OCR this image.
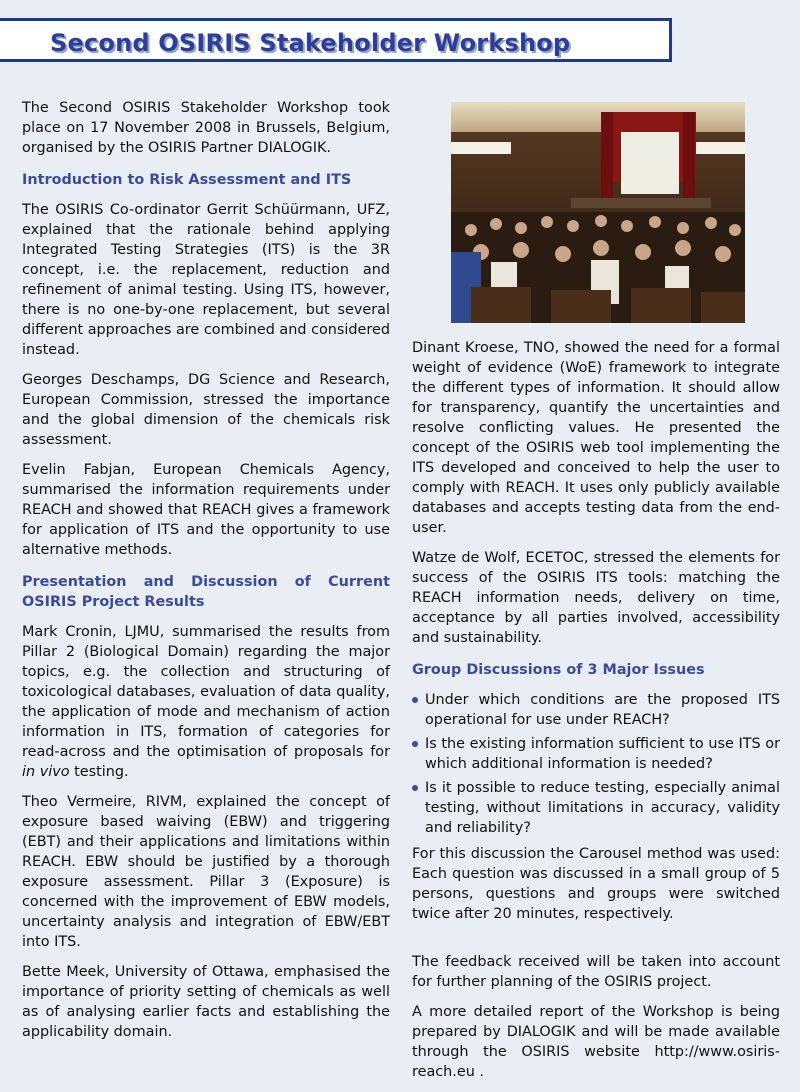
Second OSIRIS Stakeholder Workshop

The Second OSIRIS Stakeholder Workshop took place on 17 November 2008 in Brussels, Belgium, organised by the OSIRIS Partner DIALOGIK.

Introduction to Risk Assessment and ITS

The OSIRIS Co-ordinator Gerrit Schüürmann, UFZ, explained that the rationale behind applying Integrated Testing Strategies (ITS) is the 3R concept, i.e. the replacement, reduction and refinement of animal testing. Using ITS, however, there is no one-by-one replacement, but several different approaches are combined and considered instead.

Georges Deschamps, DG Science and Research, European Commission, stressed the importance and the global dimension of the chemicals risk assessment.

Evelin Fabjan, European Chemicals Agency, summarised the information requirements under REACH and showed that REACH gives a framework for application of ITS and the opportunity to use alternative methods.

Presentation and Discussion of Current OSIRIS Project Results

Mark Cronin, LJMU, summarised the results from Pillar 2 (Biological Domain) regarding the major topics, e.g. the collection and structuring of toxicological databases, evaluation of data quality, the application of mode and mechanism of action information in ITS, formation of categories for read-across and the optimisation of proposals for in vivo testing.

Theo Vermeire, RIVM, explained the concept of exposure based waiving (EBW) and triggering (EBT) and their applications and limitations within REACH. EBW should be justified by a thorough exposure assessment. Pillar 3 (Exposure) is concerned with the improvement of EBW models, uncertainty analysis and integration of EBW/EBT into ITS.

Bette Meek, University of Ottawa, emphasised the importance of priority setting of chemicals as well as of analysing earlier facts and establishing the applicability domain.

Dinant Kroese, TNO, showed the need for a formal weight of evidence (WoE) framework to integrate the different types of information. It should allow for transparency, quantify the uncertainties and resolve conflicting values. He presented the concept of the OSIRIS web tool implementing the ITS developed and conceived to help the user to comply with REACH. It uses only publicly available databases and accepts testing data from the end-user.

Watze de Wolf, ECETOC, stressed the elements for success of the OSIRIS ITS tools: matching the REACH information needs, delivery on time, acceptance by all parties involved, accessibility and sustainability.

Group Discussions of 3 Major Issues
Under which conditions are the proposed ITS operational for use under REACH?
Is the existing information sufficient to use ITS or which additional information is needed?
Is it possible to reduce testing, especially animal testing, without limitations in accuracy, validity and reliability?

For this discussion the Carousel method was used: Each question was discussed in a small group of 5 persons, questions and groups were switched twice after 20 minutes, respectively.

The feedback received will be taken into account for further planning of the OSIRIS project.

A more detailed report of the Workshop is being prepared by DIALOGIK and will be made available through the OSIRIS website http://www.osiris-reach.eu .
